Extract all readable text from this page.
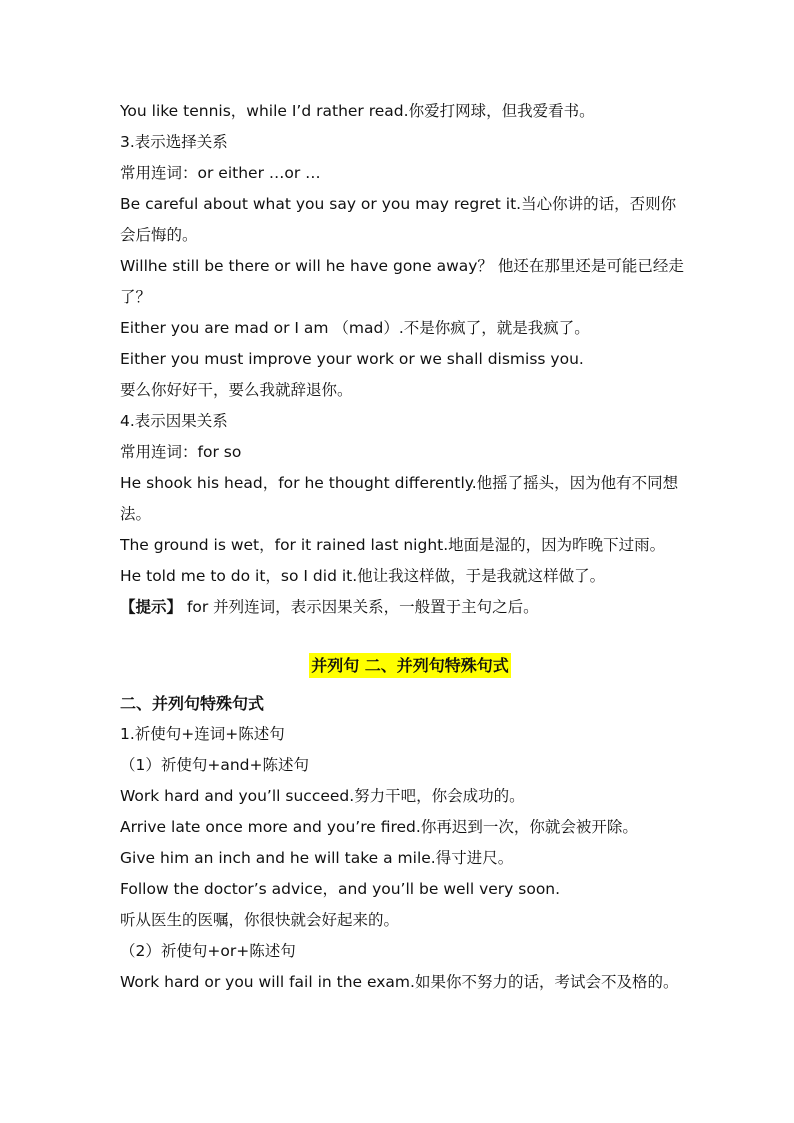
You like tennis，while I’d rather read.你爱打网球，但我爱看书。
3.表示选择关系
常用连词：or either …or …
Be careful about what you say or you may regret it.当心你讲的话，否则你
会后悔的。
Willhe still be there or will he have gone away？ 他还在那里还是可能已经走
了？
Either you are mad or I am （mad）.不是你疯了，就是我疯了。
Either you must improve your work or we shall dismiss you.
要么你好好干，要么我就辞退你。
4.表示因果关系
常用连词：for so
He shook his head，for he thought differently.他摇了摇头，因为他有不同想
法。
The ground is wet，for it rained last night.地面是湿的，因为昨晚下过雨。
He told me to do it，so I did it.他让我这样做，于是我就这样做了。
【提示】 for 并列连词，表示因果关系，一般置于主句之后。
并列句 二、并列句特殊句式
二、并列句特殊句式
1.祈使句+连词+陈述句
（1）祈使句+and+陈述句
Work hard and you’ll succeed.努力干吧，你会成功的。
Arrive late once more and you’re fired.你再迟到一次，你就会被开除。
Give him an inch and he will take a mile.得寸进尺。
Follow the doctor’s advice，and you’ll be well very soon.
听从医生的医嘱，你很快就会好起来的。
（2）祈使句+or+陈述句
Work hard or you will fail in the exam.如果你不努力的话，考试会不及格的。
